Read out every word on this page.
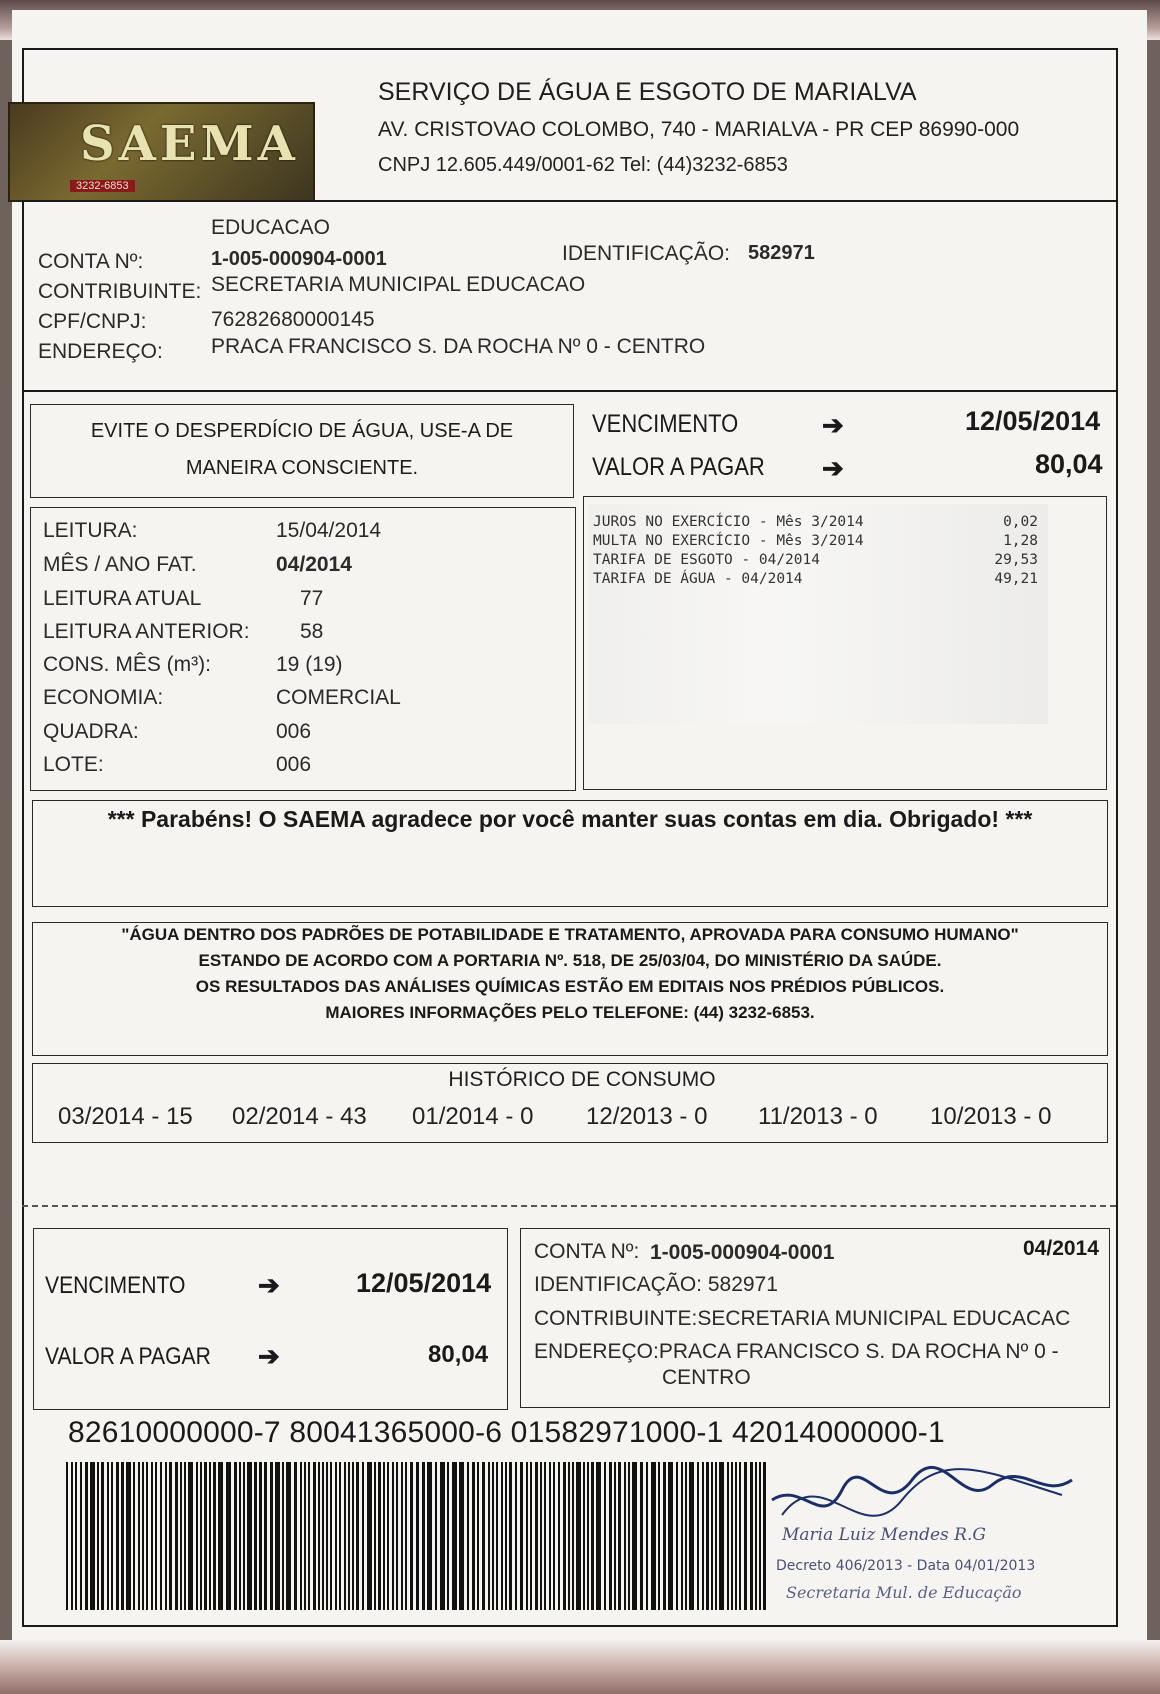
SAEMA
3232-6853
SERVIÇO DE ÁGUA E ESGOTO DE MARIALVA
AV. CRISTOVAO COLOMBO, 740 - MARIALVA - PR CEP 86990-000
CNPJ 12.605.449/0001-62 Tel: (44)3232-6853
EDUCACAO
CONTA Nº:	1-005-000904-0001	IDENTIFICAÇÃO: 582971
CONTRIBUINTE: SECRETARIA MUNICIPAL EDUCACAO
CPF/CNPJ:	76282680000145
ENDEREÇO: PRACA FRANCISCO S. DA ROCHA Nº 0 - CENTRO
EVITE O DESPERDÍCIO DE ÁGUA, USE-A DE
MANEIRA CONSCIENTE.
VENCIMENTO	➔	12/05/2014
VALOR A PAGAR ➔	80,04
LEITURA:	15/04/2014
MÊS / ANO FAT.	04/2014
LEITURA ATUAL	77
LEITURA ANTERIOR: 58
CONS. MÊS (m³):	19 (19)
ECONOMIA:	COMERCIAL
QUADRA:	006
LOTE:	006
JUROS NO EXERCÍCIO - Mês 3/2014	0,02
MULTA NO EXERCÍCIO - Mês 3/2014	1,28
TARIFA DE ESGOTO - 04/2014	29,53
TARIFA DE ÁGUA - 04/2014	49,21
*** Parabéns! O SAEMA agradece por você manter suas contas em dia. Obrigado! ***
"ÁGUA DENTRO DOS PADRÕES DE POTABILIDADE E TRATAMENTO, APROVADA PARA CONSUMO HUMANO"
ESTANDO DE ACORDO COM A PORTARIA Nº. 518, DE 25/03/04, DO MINISTÉRIO DA SAÚDE.
OS RESULTADOS DAS ANÁLISES QUÍMICAS ESTÃO EM EDITAIS NOS PRÉDIOS PÚBLICOS.
MAIORES INFORMAÇÕES PELO TELEFONE: (44) 3232-6853.
HISTÓRICO DE CONSUMO
03/2014 - 15 02/2014 - 43 01/2014 - 0 12/2013 - 0 11/2013 - 0 10/2013 - 0
VENCIMENTO	➔	12/05/2014
VALOR A PAGAR ➔	80,04
CONTA Nº: 1-005-000904-0001	04/2014
IDENTIFICAÇÃO: 582971
CONTRIBUINTE:SECRETARIA MUNICIPAL EDUCACAC
ENDEREÇO:PRACA FRANCISCO S. DA ROCHA Nº 0 -
CENTRO
82610000000-7 80041365000-6 01582971000-1 42014000000-1
Maria Luiz Mendes R.G
Decreto 406/2013 - Data 04/01/2013
Secretaria Mul. de Educação
